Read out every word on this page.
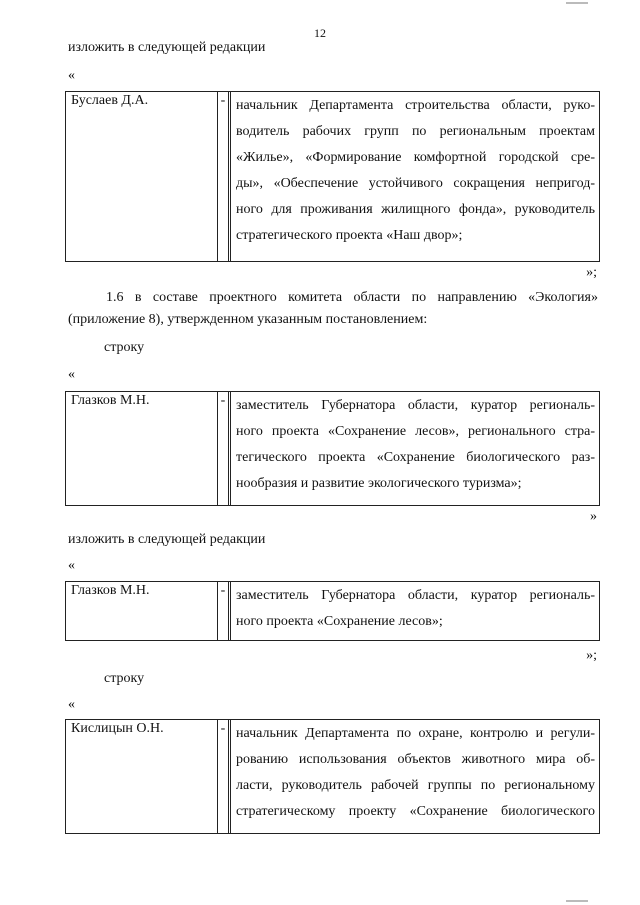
12
изложить в следующей редакции
«
Буслаев Д.А.	-		начальник Департамента строительства области, руко-
водитель рабочих групп по региональным проектам
«Жилье», «Формирование комфортной городской сре-
ды», «Обеспечение устойчивого сокращения непригод-
ного для проживания жилищного фонда», руководитель
стратегического проекта «Наш двор»;
»;
1.6 в составе проектного комитета области по направлению «Экология»
(приложение 8), утвержденном указанным постановлением:
строку
«
Глазков М.Н.	-		заместитель Губернатора области, куратор региональ-
ного проекта «Сохранение лесов», регионального стра-
тегического проекта «Сохранение биологического раз-
нообразия и развитие экологического туризма»;
»
изложить в следующей редакции
«
Глазков М.Н.	-		заместитель Губернатора области, куратор региональ-
ного проекта «Сохранение лесов»;
»;
строку
«
Кислицын О.Н.	-		начальник Департамента по охране, контролю и регули-
рованию использования объектов животного мира об-
ласти, руководитель рабочей группы по региональному
стратегическому проекту «Сохранение биологического
